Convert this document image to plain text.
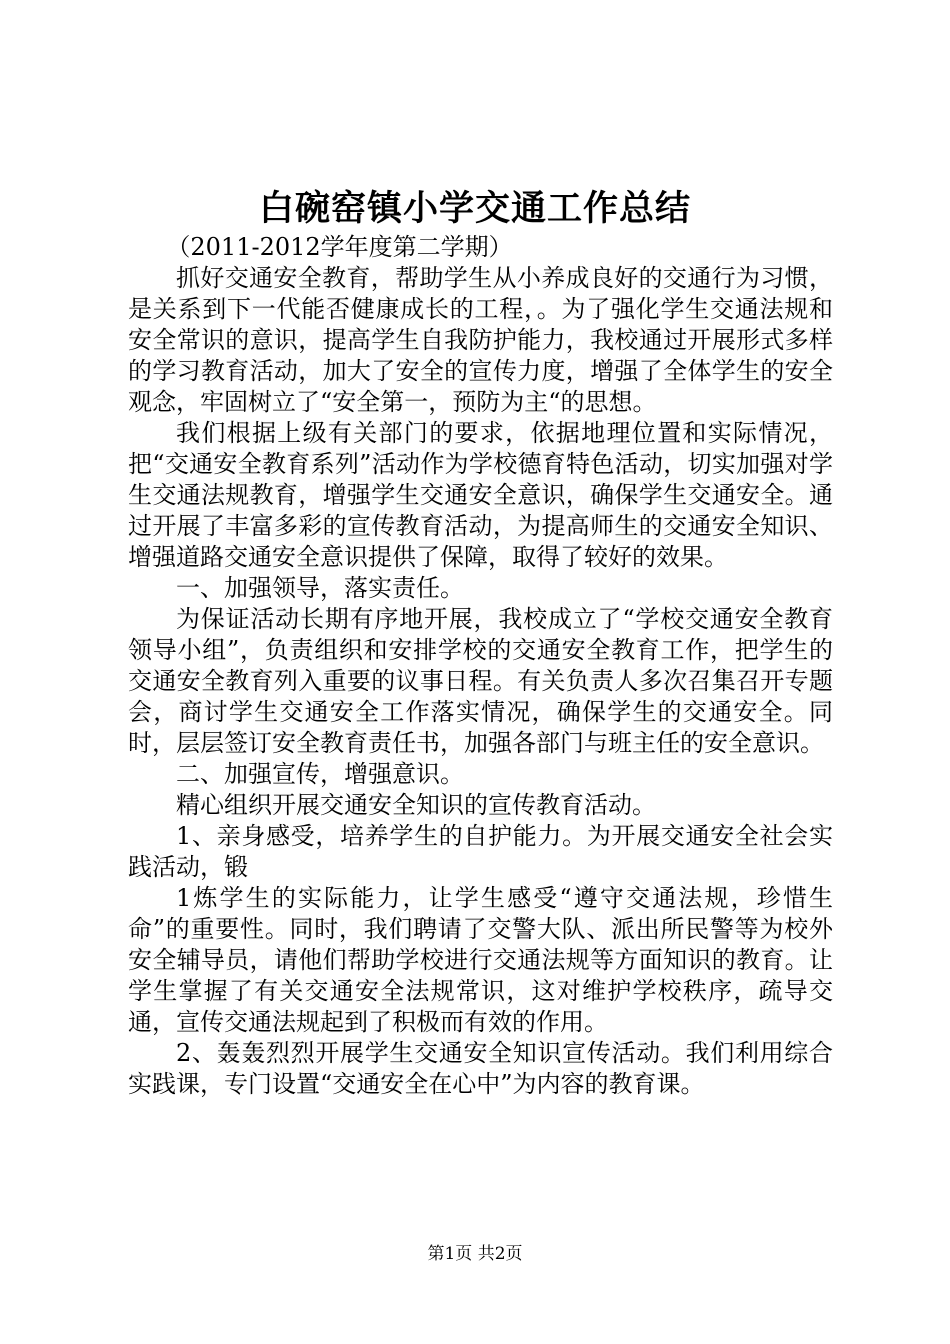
白碗窑镇小学交通工作总结

（2011-2012学年度第二学期）

抓好交通安全教育，帮助学生从小养成良好的交通行为习惯，是关系到下一代能否健康成长的工程，。为了强化学生交通法规和安全常识的意识，提高学生自我防护能力，我校通过开展形式多样的学习教育活动，加大了安全的宣传力度，增强了全体学生的安全观念，牢固树立了“安全第一，预防为主“的思想。

我们根据上级有关部门的要求，依据地理位置和实际情况，把“交通安全教育系列”活动作为学校德育特色活动，切实加强对学生交通法规教育，增强学生交通安全意识，确保学生交通安全。通过开展了丰富多彩的宣传教育活动，为提高师生的交通安全知识、增强道路交通安全意识提供了保障，取得了较好的效果。

一、加强领导，落实责任。

为保证活动长期有序地开展，我校成立了“学校交通安全教育领导小组”，负责组织和安排学校的交通安全教育工作，把学生的交通安全教育列入重要的议事日程。有关负责人多次召集召开专题会，商讨学生交通安全工作落实情况，确保学生的交通安全。同时，层层签订安全教育责任书，加强各部门与班主任的安全意识。

二、加强宣传，增强意识。

精心组织开展交通安全知识的宣传教育活动。

1、亲身感受，培养学生的自护能力。为开展交通安全社会实践活动，锻

1炼学生的实际能力，让学生感受“遵守交通法规，珍惜生命”的重要性。同时，我们聘请了交警大队、派出所民警等为校外安全辅导员，请他们帮助学校进行交通法规等方面知识的教育。让学生掌握了有关交通安全法规常识，这对维护学校秩序，疏导交通，宣传交通法规起到了积极而有效的作用。

2、轰轰烈烈开展学生交通安全知识宣传活动。我们利用综合实践课，专门设置“交通安全在心中”为内容的教育课。

第1页 共2页
